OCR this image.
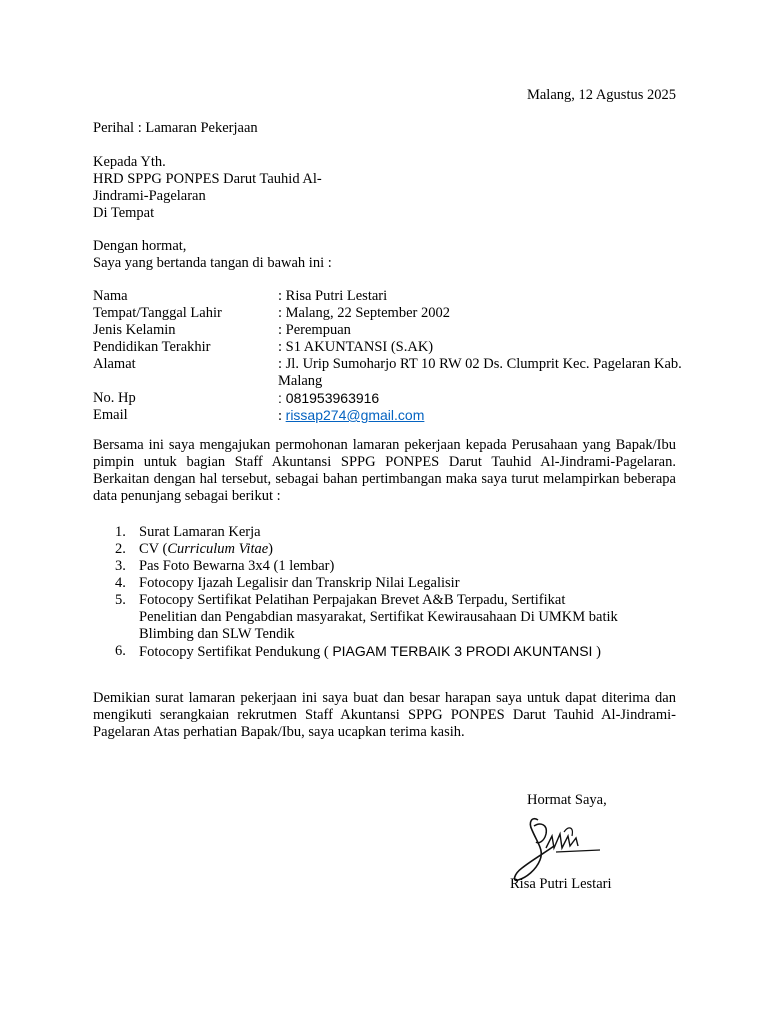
Malang, 12 Agustus 2025
Perihal : Lamaran Pekerjaan
Kepada Yth.
HRD SPPG PONPES Darut Tauhid Al-
Jindrami-Pagelaran
Di Tempat
Dengan hormat,
Saya yang bertanda tangan di bawah ini :
Nama	: Risa Putri Lestari
Tempat/Tanggal Lahir	: Malang, 22 September 2002
Jenis Kelamin	: Perempuan
Pendidikan Terakhir	: S1 AKUNTANSI (S.AK)
Alamat	: Jl. Urip Sumoharjo RT 10 RW 02 Ds. Clumprit Kec. Pagelaran Kab.
Malang
No. Hp	: 081953963916
Email	: rissap274@gmail.com
Bersama ini saya mengajukan permohonan lamaran pekerjaan kepada Perusahaan yang Bapak/Ibu pimpin untuk bagian Staff Akuntansi SPPG PONPES Darut Tauhid Al-Jindrami-Pagelaran. Berkaitan dengan hal tersebut, sebagai bahan pertimbangan maka saya turut melampirkan beberapa data penunjang sebagai berikut :
1. Surat Lamaran Kerja
2. CV (Curriculum Vitae)
3. Pas Foto Bewarna 3x4 (1 lembar)
4. Fotocopy Ijazah Legalisir dan Transkrip Nilai Legalisir
5. Fotocopy Sertifikat Pelatihan Perpajakan Brevet A&B Terpadu, Sertifikat Penelitian dan Pengabdian masyarakat, Sertifikat Kewirausahaan Di UMKM batik Blimbing dan SLW Tendik
6. Fotocopy Sertifikat Pendukung ( PIAGAM TERBAIK 3 PRODI AKUNTANSI )
Demikian surat lamaran pekerjaan ini saya buat dan besar harapan saya untuk dapat diterima dan mengikuti serangkaian rekrutmen Staff Akuntansi SPPG PONPES Darut Tauhid Al-Jindrami-Pagelaran Atas perhatian Bapak/Ibu, saya ucapkan terima kasih.
Hormat Saya,
Risa Putri Lestari
